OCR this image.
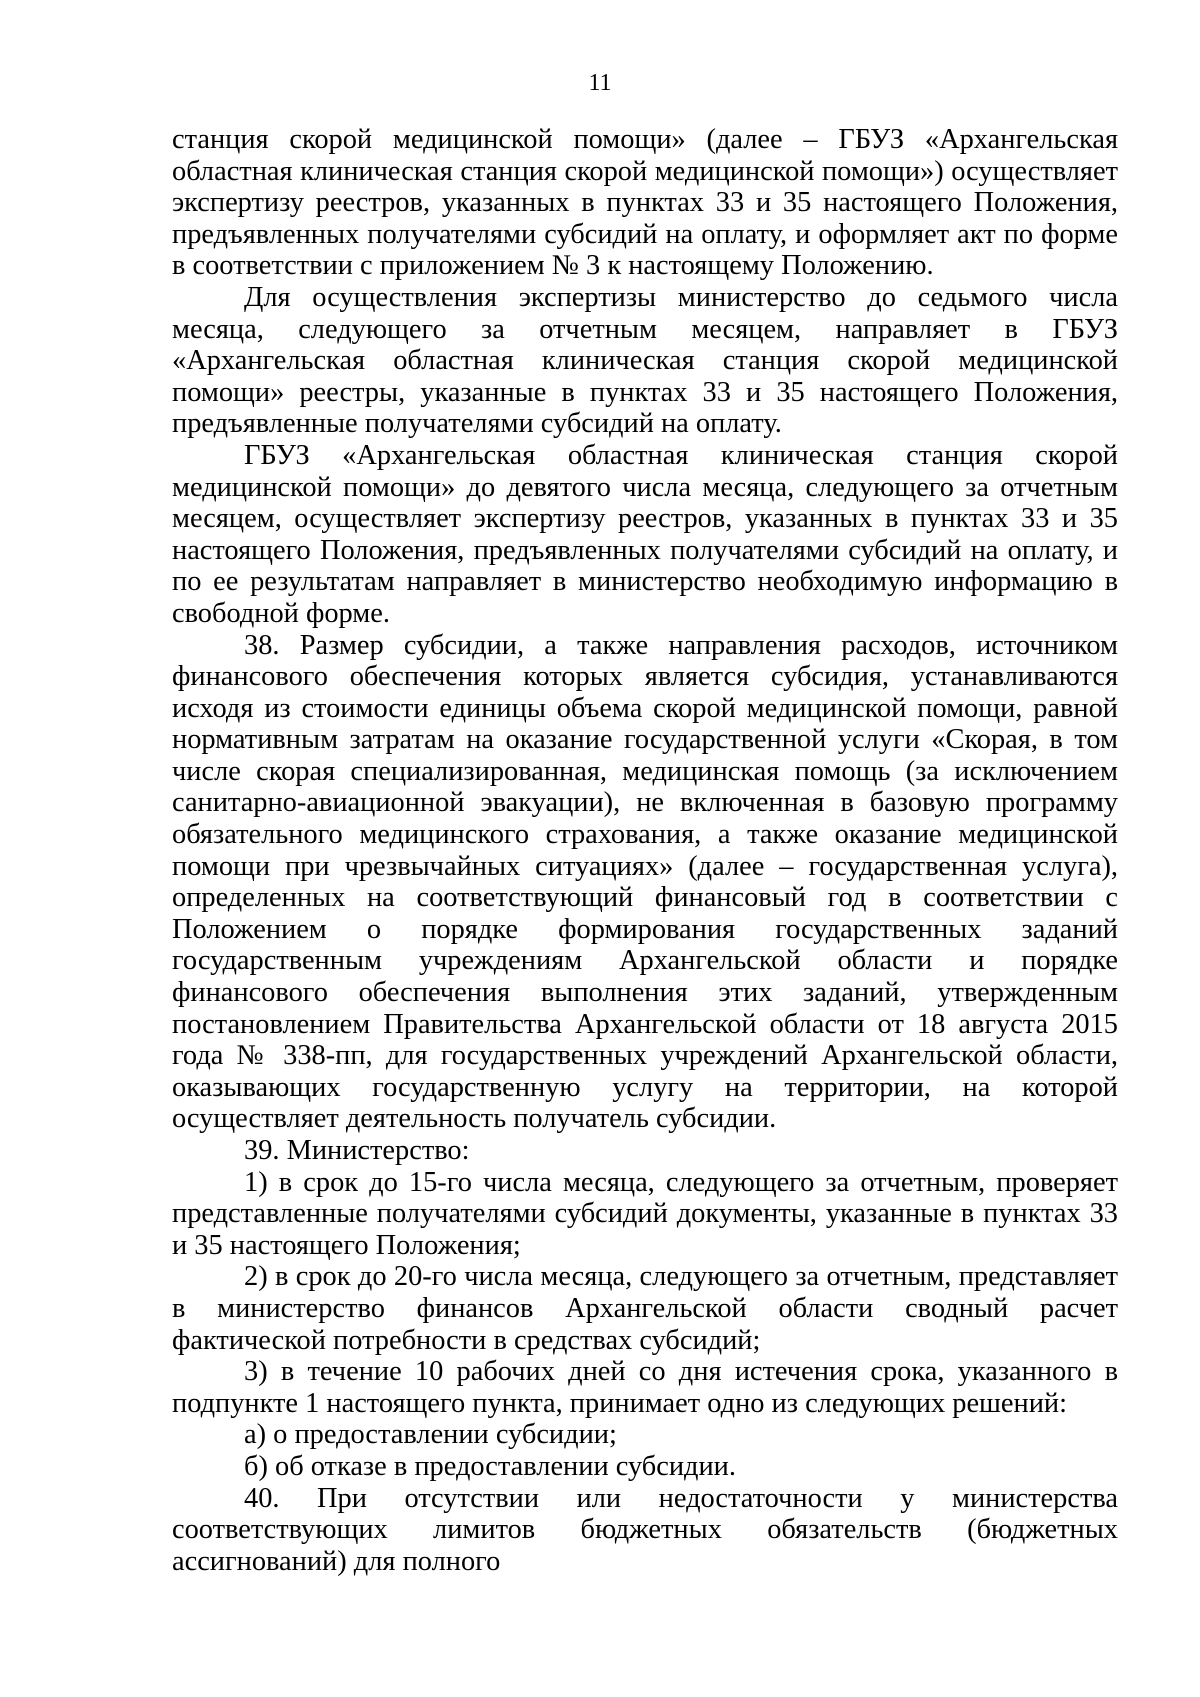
11

станция скорой медицинской помощи» (далее – ГБУЗ «Архангельская областная клиническая станция скорой медицинской помощи») осуществляет экспертизу реестров, указанных в пунктах 33 и 35 настоящего Положения, предъявленных получателями субсидий на оплату, и оформляет акт по форме в соответствии с приложением № 3 к настоящему Положению.

Для осуществления экспертизы министерство до седьмого числа месяца, следующего за отчетным месяцем, направляет в ГБУЗ «Архангельская областная клиническая станция скорой медицинской помощи» реестры, указанные в пунктах 33 и 35 настоящего Положения, предъявленные получателями субсидий на оплату.

ГБУЗ «Архангельская областная клиническая станция скорой медицинской помощи» до девятого числа месяца, следующего за отчетным месяцем, осуществляет экспертизу реестров, указанных в пунктах 33 и 35 настоящего Положения, предъявленных получателями субсидий на оплату, и по ее результатам направляет в министерство необходимую информацию в свободной форме.

38. Размер субсидии, а также направления расходов, источником финансового обеспечения которых является субсидия, устанавливаются исходя из стоимости единицы объема скорой медицинской помощи, равной нормативным затратам на оказание государственной услуги «Скорая, в том числе скорая специализированная, медицинская помощь (за исключением санитарно-авиационной эвакуации), не включенная в базовую программу обязательного медицинского страхования, а также оказание медицинской помощи при чрезвычайных ситуациях» (далее – государственная услуга), определенных на соответствующий финансовый год в соответствии с Положением о порядке формирования государственных заданий государственным учреждениям Архангельской области и порядке финансового обеспечения выполнения этих заданий, утвержденным постановлением Правительства Архангельской области от 18 августа 2015 года № 338-пп, для государственных учреждений Архангельской области, оказывающих государственную услугу на территории, на которой осуществляет деятельность получатель субсидии.

39. Министерство:

1) в срок до 15-го числа месяца, следующего за отчетным, проверяет представленные получателями субсидий документы, указанные в пунктах 33 и 35 настоящего Положения;

2) в срок до 20-го числа месяца, следующего за отчетным, представляет в министерство финансов Архангельской области сводный расчет фактической потребности в средствах субсидий;

3) в течение 10 рабочих дней со дня истечения срока, указанного в подпункте 1 настоящего пункта, принимает одно из следующих решений:

а) о предоставлении субсидии;

б) об отказе в предоставлении субсидии.

40. При отсутствии или недостаточности у министерства соответствующих лимитов бюджетных обязательств (бюджетных ассигнований) для полного
